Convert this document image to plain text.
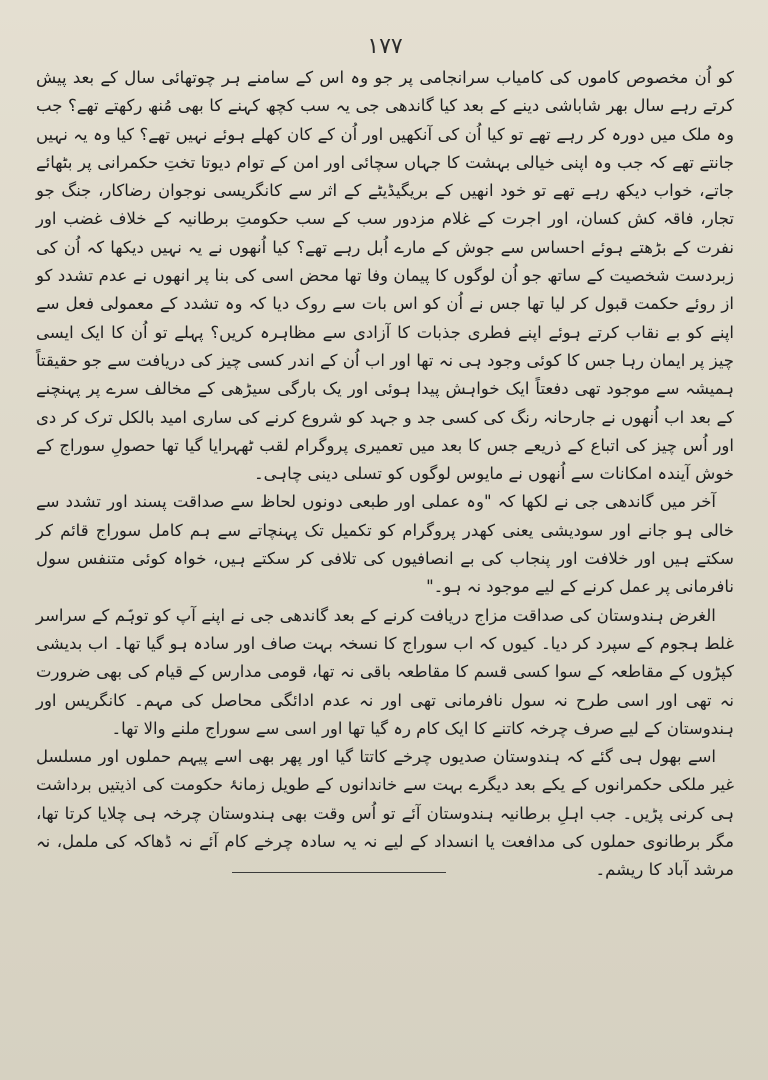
۱۷۷

کو اُن مخصوص کاموں کی کامیاب سرانجامی پر جو وہ اس کے سامنے ہر چوتھائی سال کے بعد پیش کرتے رہے سال بھر شاباشی دینے کے بعد کیا گاندھی جی یہ سب کچھ کہنے کا بھی مُنھ رکھتے تھے؟ جب وہ ملک میں دورہ کر رہے تھے تو کیا اُن کی آنکھیں اور اُن کے کان کھلے ہوئے نہیں تھے؟ کیا وہ یہ نہیں جانتے تھے کہ جب وہ اپنی خیالی بہشت کا جہاں سچائی اور امن کے توام دیوتا تختِ حکمرانی پر بٹھائے جاتے، خواب دیکھ رہے تھے تو خود انھیں کے بریگیڈیٹے کے اثر سے کانگریسی نوجوان رضاکار، جنگ جو تجار، فاقہ کش کسان، اور اجرت کے غلام مزدور سب کے سب حکومتِ برطانیہ کے خلاف غضب اور نفرت کے بڑھتے ہوئے احساس سے جوش کے مارے اُبل رہے تھے؟ کیا اُنھوں نے یہ نہیں دیکھا کہ اُن کی زبردست شخصیت کے ساتھ جو اُن لوگوں کا پیمان وفا تھا محض اسی کی بنا پر انھوں نے عدم تشدد کو از روئے حکمت قبول کر لیا تھا جس نے اُن کو اس بات سے روک دیا کہ وہ تشدد کے معمولی فعل سے اپنے کو بے نقاب کرتے ہوئے اپنے فطری جذبات کا آزادی سے مظاہرہ کریں؟ پہلے تو اُن کا ایک ایسی چیز پر ایمان رہا جس کا کوئی وجود ہی نہ تھا اور اب اُن کے اندر کسی چیز کی دریافت سے جو حقیقتاً ہمیشہ سے موجود تھی دفعتاً ایک خواہش پیدا ہوئی اور یک بارگی سیڑھی کے مخالف سرے پر پہنچنے کے بعد اب اُنھوں نے جارحانہ رنگ کی کسی جد و جہد کو شروع کرنے کی ساری امید بالکل ترک کر دی اور اُس چیز کی اتباع کے ذریعے جس کا بعد میں تعمیری پروگرام لقب ٹھہرایا گیا تھا حصولِ سوراج کے خوش آیندہ امکانات سے اُنھوں نے مایوس لوگوں کو تسلی دینی چاہی۔

آخر میں گاندھی جی نے لکھا کہ "وہ عملی اور طبعی دونوں لحاظ سے صداقت پسند اور تشدد سے خالی ہو جانے اور سودیشی یعنی کھدر پروگرام کو تکمیل تک پہنچاتے سے ہم کامل سوراج قائم کر سکتے ہیں اور خلافت اور پنجاب کی بے انصافیوں کی تلافی کر سکتے ہیں، خواہ کوئی متنفس سول نافرمانی پر عمل کرنے کے لیے موجود نہ ہو۔"

الغرض ہندوستان کی صداقت مزاج دریافت کرنے کے بعد گاندھی جی نے اپنے آپ کو توہّم کے سراسر غلط ہجوم کے سپرد کر دیا۔ کیوں کہ اب سوراج کا نسخہ بہت صاف اور سادہ ہو گیا تھا۔ اب بدیشی کپڑوں کے مقاطعہ کے سوا کسی قسم کا مقاطعہ باقی نہ تھا، قومی مدارس کے قیام کی بھی ضرورت نہ تھی اور اسی طرح نہ سول نافرمانی تھی اور نہ عدم ادائگی محاصل کی مہم۔ کانگریس اور ہندوستان کے لیے صرف چرخہ کاتنے کا ایک کام رہ گیا تھا اور اسی سے سوراج ملنے والا تھا۔

اسے بھول ہی گئے کہ ہندوستان صدیوں چرخے کاتتا گیا اور پھر بھی اسے پیہم حملوں اور مسلسل غیر ملکی حکمرانوں کے یکے بعد دیگرے بہت سے خاندانوں کے طویل زمانۂ حکومت کی اذیتیں برداشت ہی کرنی پڑیں۔ جب اہلِ برطانیہ ہندوستان آئے تو اُس وقت بھی ہندوستان چرخہ ہی چلایا کرتا تھا، مگر برطانوی حملوں کی مدافعت یا انسداد کے لیے نہ یہ سادہ چرخے کام آئے نہ ڈھاکہ کی ململ، نہ مرشد آباد کا ریشم۔
